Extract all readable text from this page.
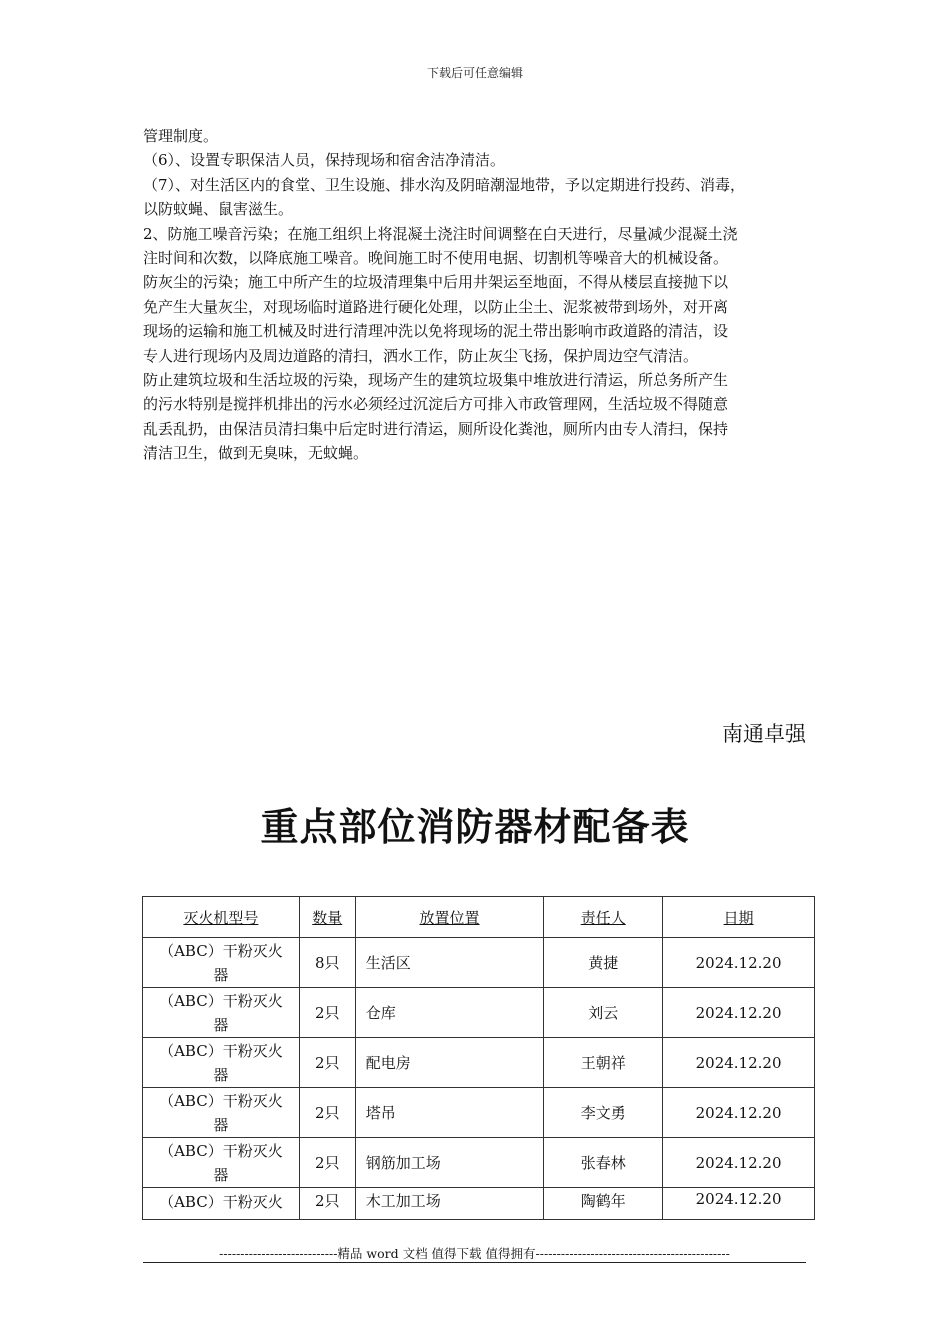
下载后可任意编辑
管理制度。
（6）、设置专职保洁人员，保持现场和宿舍洁净清洁。
（7）、对生活区内的食堂、卫生设施、排水沟及阴暗潮湿地带，予以定期进行投药、消毒，
以防蚊蝇、鼠害滋生。
2、防施工噪音污染；在施工组织上将混凝土浇注时间调整在白天进行，尽量减少混凝土浇
注时间和次数，以降底施工噪音。晚间施工时不使用电据、切割机等噪音大的机械设备。
防灰尘的污染；施工中所产生的垃圾清理集中后用井架运至地面，不得从楼层直接抛下以
免产生大量灰尘，对现场临时道路进行硬化处理，以防止尘土、泥浆被带到场外，对开离
现场的运输和施工机械及时进行清理冲洗以免将现场的泥土带出影响市政道路的清洁，设
专人进行现场内及周边道路的清扫，洒水工作，防止灰尘飞扬，保护周边空气清洁。
防止建筑垃圾和生活垃圾的污染，现场产生的建筑垃圾集中堆放进行清运，所总务所产生
的污水特别是搅拌机排出的污水必须经过沉淀后方可排入市政管理网，生活垃圾不得随意
乱丢乱扔，由保洁员清扫集中后定时进行清运，厕所设化粪池，厕所内由专人清扫，保持
清洁卫生，做到无臭味，无蚊蝇。
南通卓强
重点部位消防器材配备表
灭火机型号	数量	放置位置	责任人	日期

（ABC）干粉灭火
器	8只	生活区	黄捷	2024.12.20

（ABC）干粉灭火
器	2只	仓库	刘云	2024.12.20

（ABC）干粉灭火
器	2只	配电房	王朝祥	2024.12.20

（ABC）干粉灭火
器	2只	塔吊	李文勇	2024.12.20

（ABC）干粉灭火
器	2只	钢筋加工场	张春林	2024.12.20

（ABC）干粉灭火	2只	木工加工场	陶鹤年	2024.12.20
----------------------------精品 word 文档 值得下载 值得拥有----------------------------------------------
